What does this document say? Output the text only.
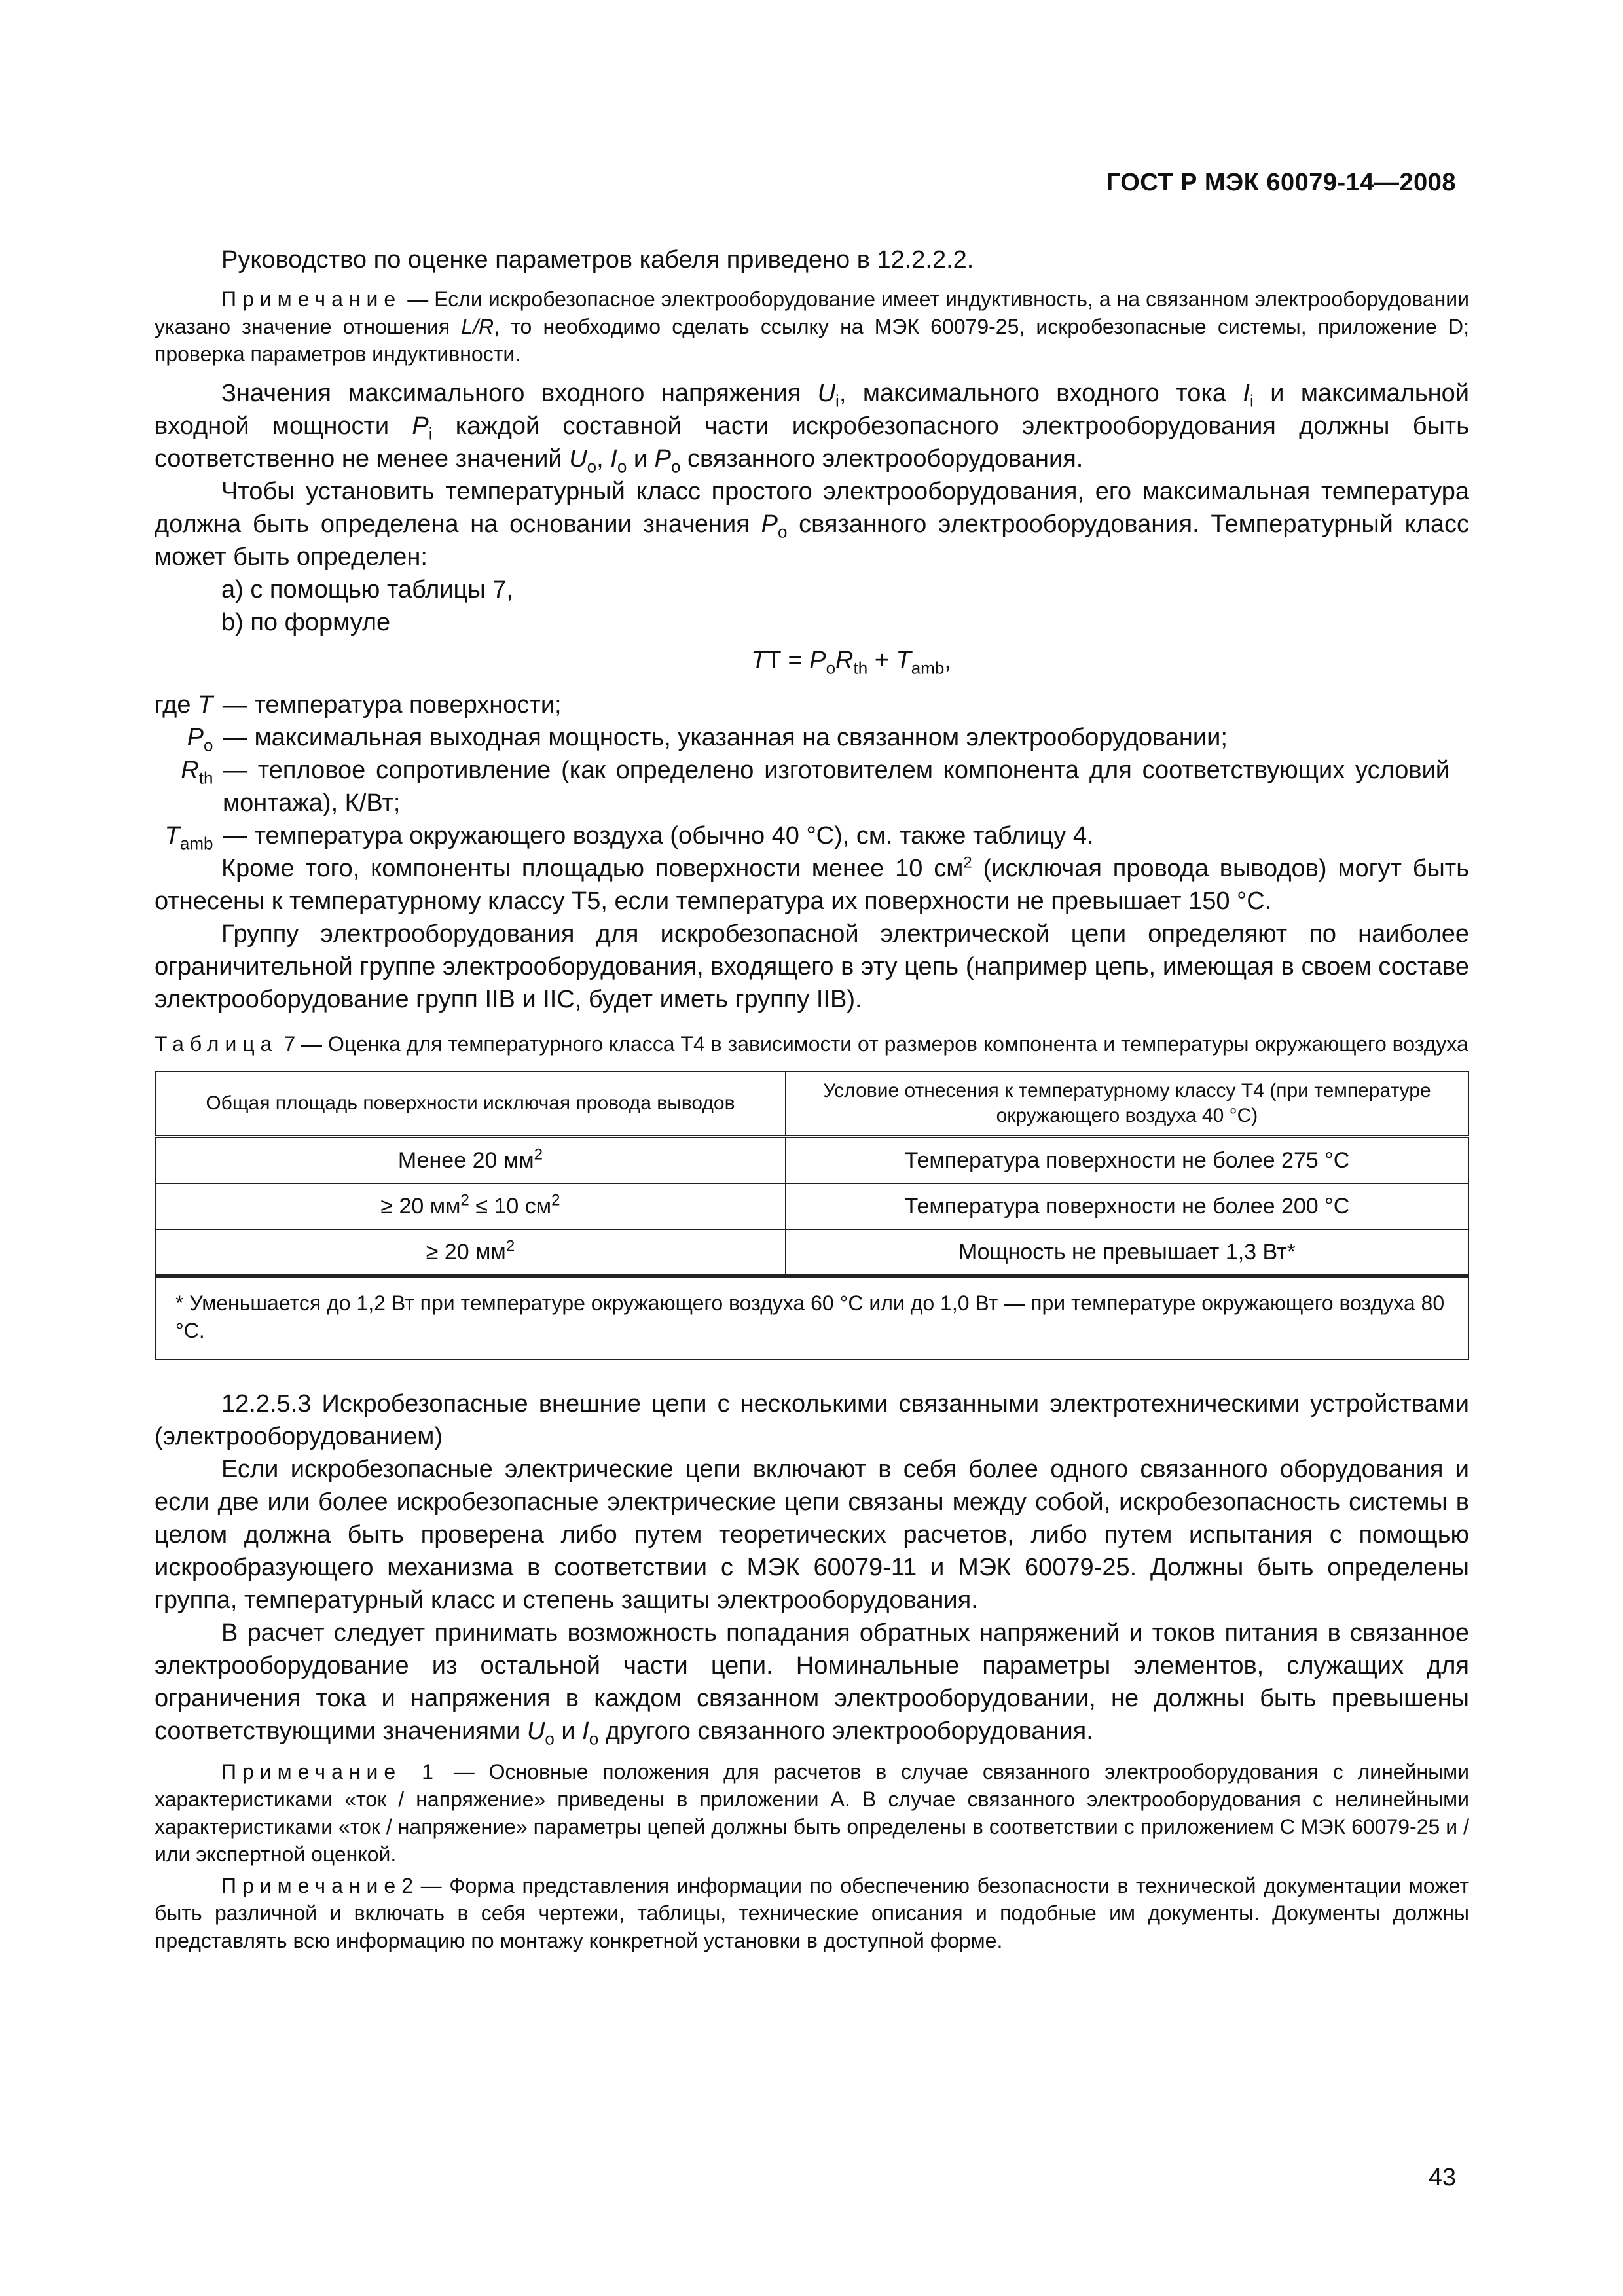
ГОСТ Р МЭК 60079-14—2008

Руководство по оценке параметров кабеля приведено в 12.2.2.2.

Примечание — Если искробезопасное электрооборудование имеет индуктивность, а на связанном электрооборудовании указано значение отношения L/R, то необходимо сделать ссылку на МЭК 60079-25, искробезопасные системы, приложение D; проверка параметров индуктивности.

Значения максимального входного напряжения $U_i$, максимального входного тока $I_i$ и максимальной входной мощности $P_i$ каждой составной части искробезопасного электрооборудования должны быть соответственно не менее значений $U_o$, $I_o$ и $P_o$ связанного электрооборудования.

Чтобы установить температурный класс простого электрооборудования, его максимальная температура должна быть определена на основании значения $P_o$ связанного электрооборудования. Температурный класс может быть определен:

a) с помощью таблицы 7,
b) по формуле
TT = $P_oR_{th} + T_{amb}$,
где T — температура поверхности;
$P_o$ — максимальная выходная мощность, указанная на связанном электрооборудовании;
$R_{th}$ — тепловое сопротивление (как определено изготовителем компонента для соответствующих условий монтажа), К/Вт;
$T_{amb}$ — температура окружающего воздуха (обычно 40 °С), см. также таблицу 4.

Кроме того, компоненты площадью поверхности менее 10 $см^2$ (исключая провода выводов) могут быть отнесены к температурному классу Т5, если температура их поверхности не превышает 150 °С.

Группу электрооборудования для искробезопасной электрической цепи определяют по наиболее ограничительной группе электрооборудования, входящего в эту цепь (например цепь, имеющая в своем составе электрооборудование групп IIB и IIC, будет иметь группу IIB).

Таблица 7 — Оценка для температурного класса Т4 в зависимости от размеров компонента и температуры окружающего воздуха
Общая площадь поверхности исключая провода выводов	Условие отнесения к температурному классу Т4 (при температуре окружающего воздуха 40 °С)
Менее 20 $мм^2$	Температура поверхности не более 275 °С
≥ 20 $мм^2 \le 10$ $см^2$	Температура поверхности не более 200 °С
≥ 20 $мм^2$	Мощность не превышает 1,3 Вт*
* Уменьшается до 1,2 Вт при температуре окружающего воздуха 60 °С или до 1,0 Вт — при температуре окружающего воздуха 80 °С.	

12.2.5.3 Искробезопасные внешние цепи с несколькими связанными электротехническими устройствами (электрооборудованием)

Если искробезопасные электрические цепи включают в себя более одного связанного оборудования и если две или более искробезопасные электрические цепи связаны между собой, искробезопасность системы в целом должна быть проверена либо путем теоретических расчетов, либо путем испытания с помощью искрообразующего механизма в соответствии с МЭК 60079-11 и МЭК 60079-25. Должны быть определены группа, температурный класс и степень защиты электрооборудования.

В расчет следует принимать возможность попадания обратных напряжений и токов питания в связанное электрооборудование из остальной части цепи. Номинальные параметры элементов, служащих для ограничения тока и напряжения в каждом связанном электрооборудовании, не должны быть превышены соответствующими значениями $U_o$ и $I_o$ другого связанного электрооборудования.

Примечание 1 — Основные положения для расчетов в случае связанного электрооборудования с линейными характеристиками «ток / напряжение» приведены в приложении А. В случае связанного электрооборудования с нелинейными характеристиками «ток / напряжение» параметры цепей должны быть определены в соответствии с приложением С МЭК 60079-25 и /или экспертной оценкой.

Примечание2 — Форма представления информации по обеспечению безопасности в технической документации может быть различной и включать в себя чертежи, таблицы, технические описания и подобные им документы. Документы должны представлять всю информацию по монтажу конкретной установки в доступной форме.

43
